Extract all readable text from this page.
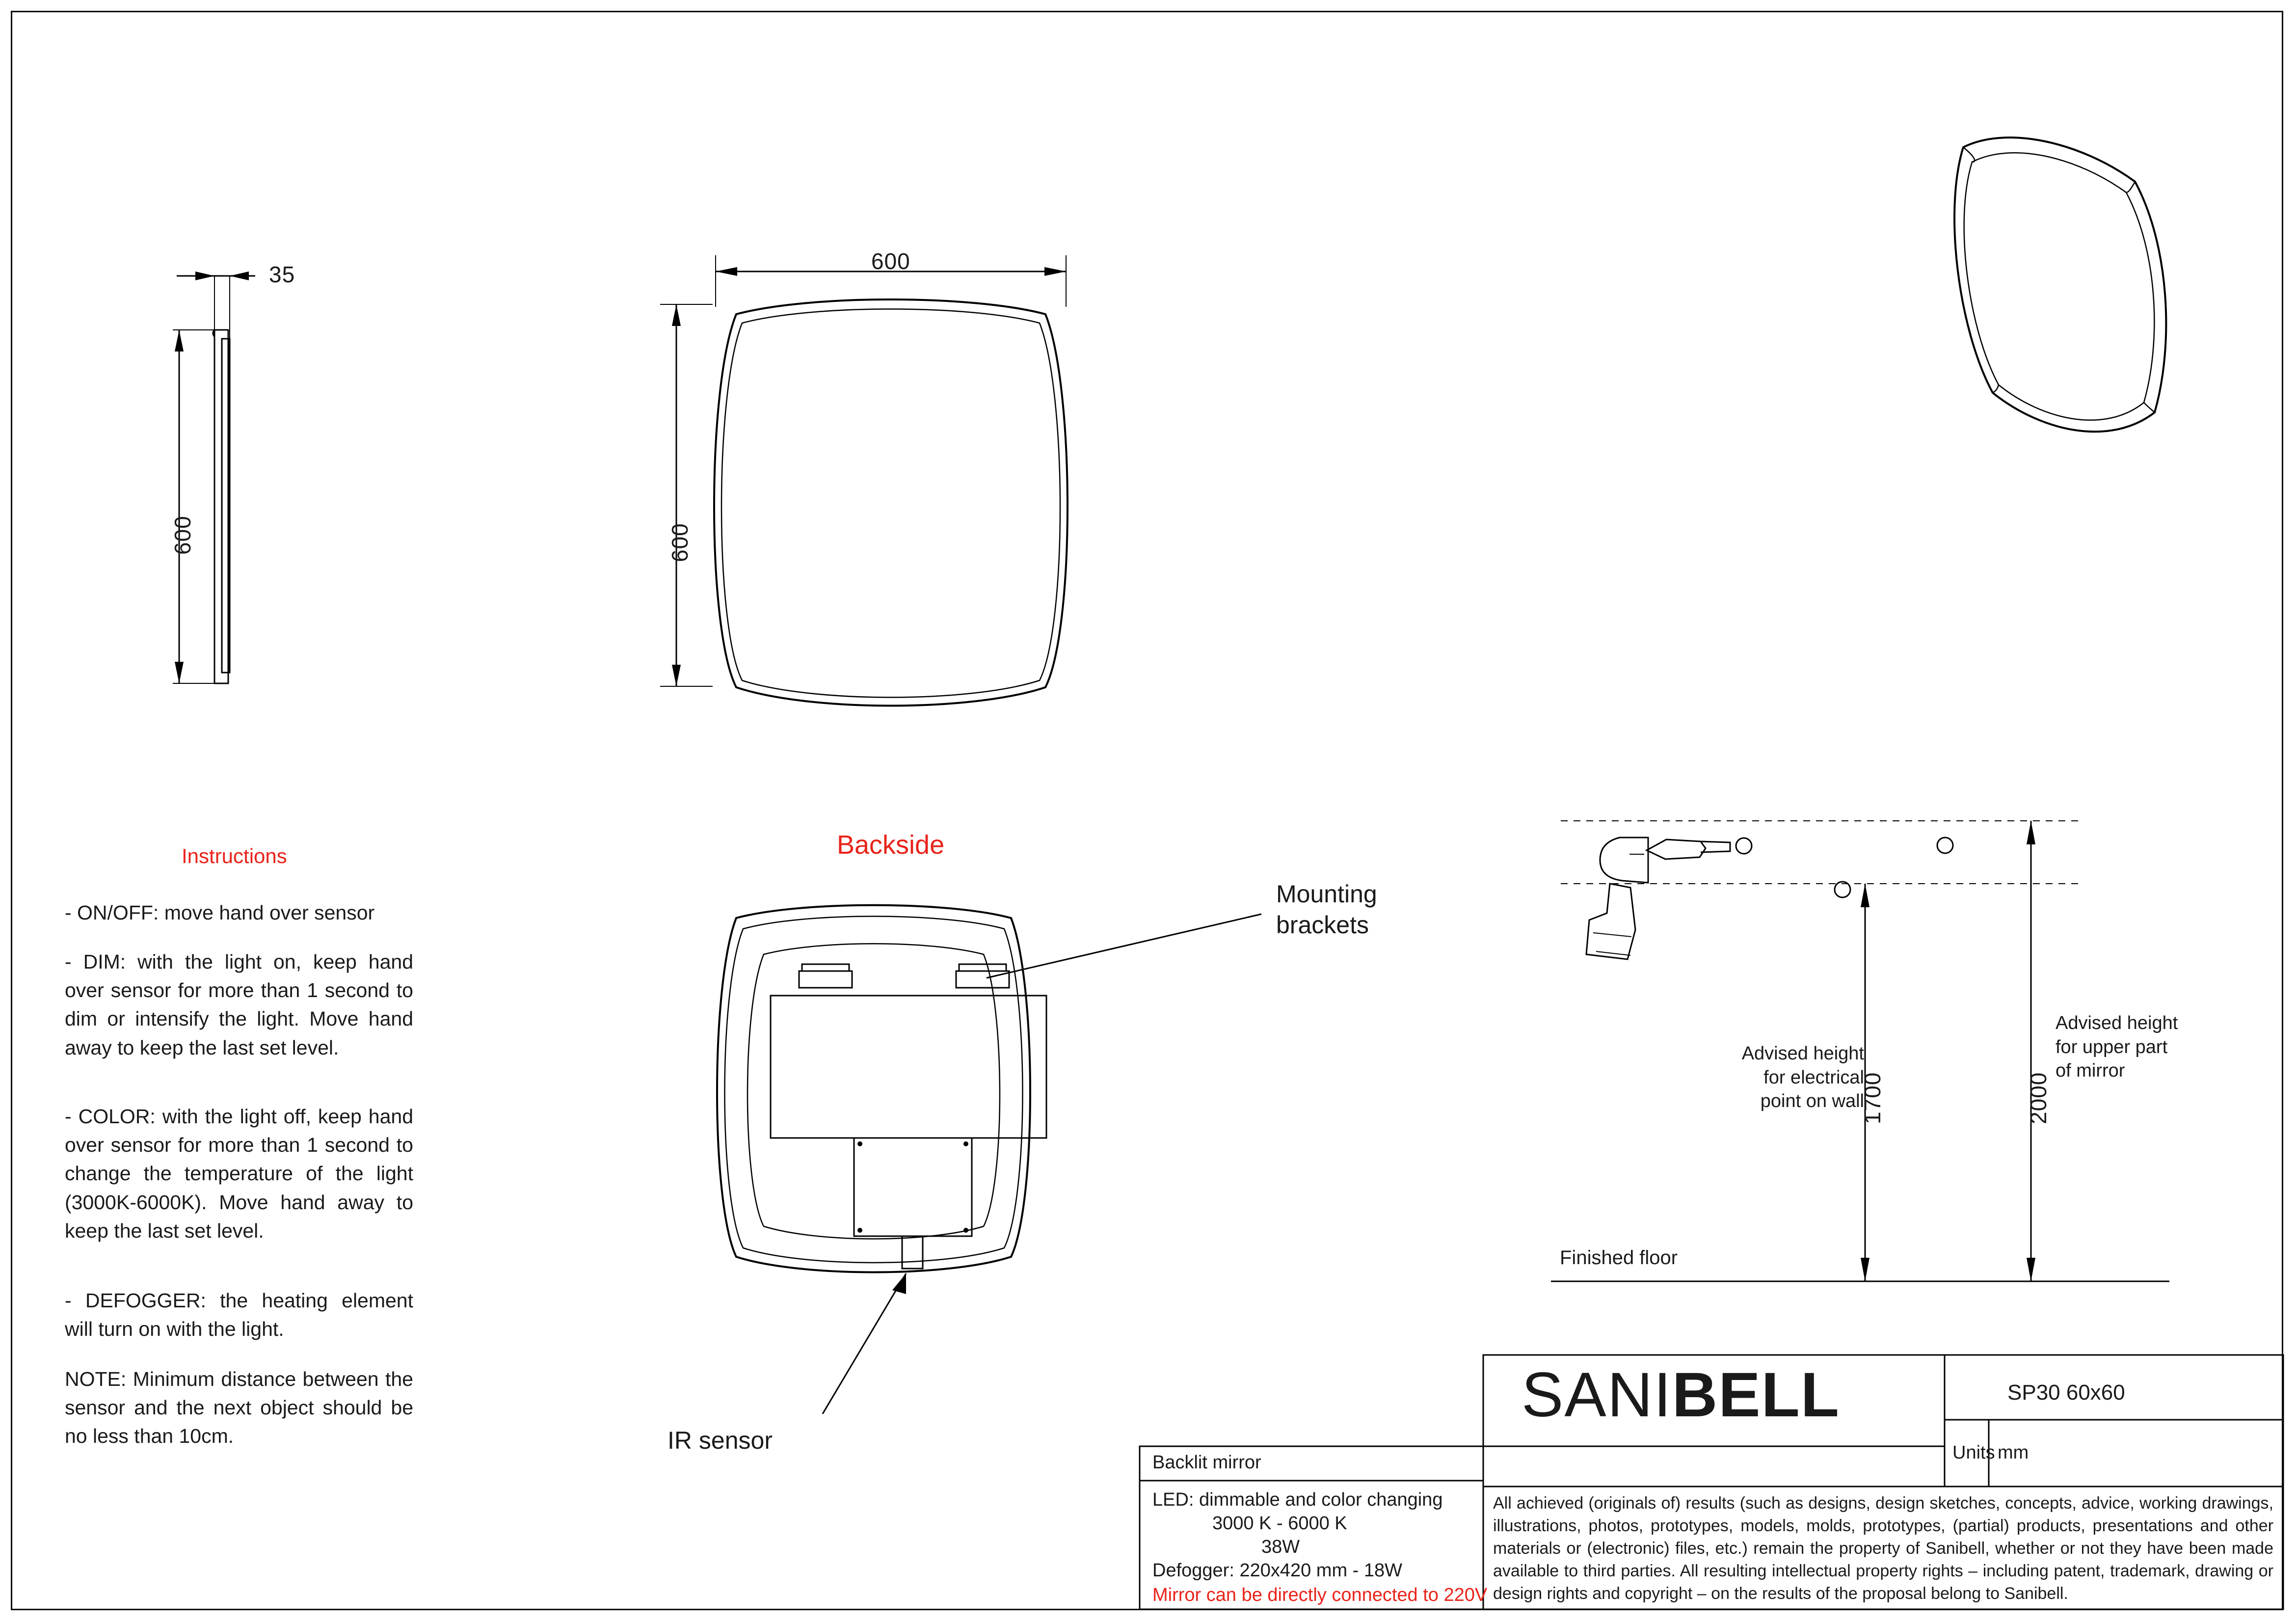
35
600
600
600
Backside
Mounting
brackets
IR sensor
Advised height
for electrical
point on wall
1700	2000
Advised height
for upper part
of mirror
Finished floor
Instructions
- ON/OFF: move hand over sensor
- DIM: with the light on, keep hand over sensor for more than 1 second to dim or intensify the light. Move hand away to keep the last set level.
- COLOR: with the light off, keep hand over sensor for more than 1 second to change the temperature of the light (3000K-6000K). Move hand away to keep the last set level.
- DEFOGGER: the heating element will turn on with the light.
NOTE: Minimum distance between the sensor and the next object should be no less than 10cm.
Backlit mirror
LED: dimmable and color changing
3000 K - 6000 K
38W
Defogger: 220x420 mm - 18W
Mirror can be directly connected to 220V
SANIBELL	SP30 60x60
Units mm
All achieved (originals of) results (such as designs, design sketches, concepts, advice, working drawings, illustrations, photos, prototypes, models, molds, prototypes, (partial) products, presentations and other materials or (electronic) files, etc.) remain the property of Sanibell, whether or not they have been made available to third parties. All resulting intellectual property rights – including patent, trademark, drawing or design rights and copyright – on the results of the proposal belong to Sanibell.
